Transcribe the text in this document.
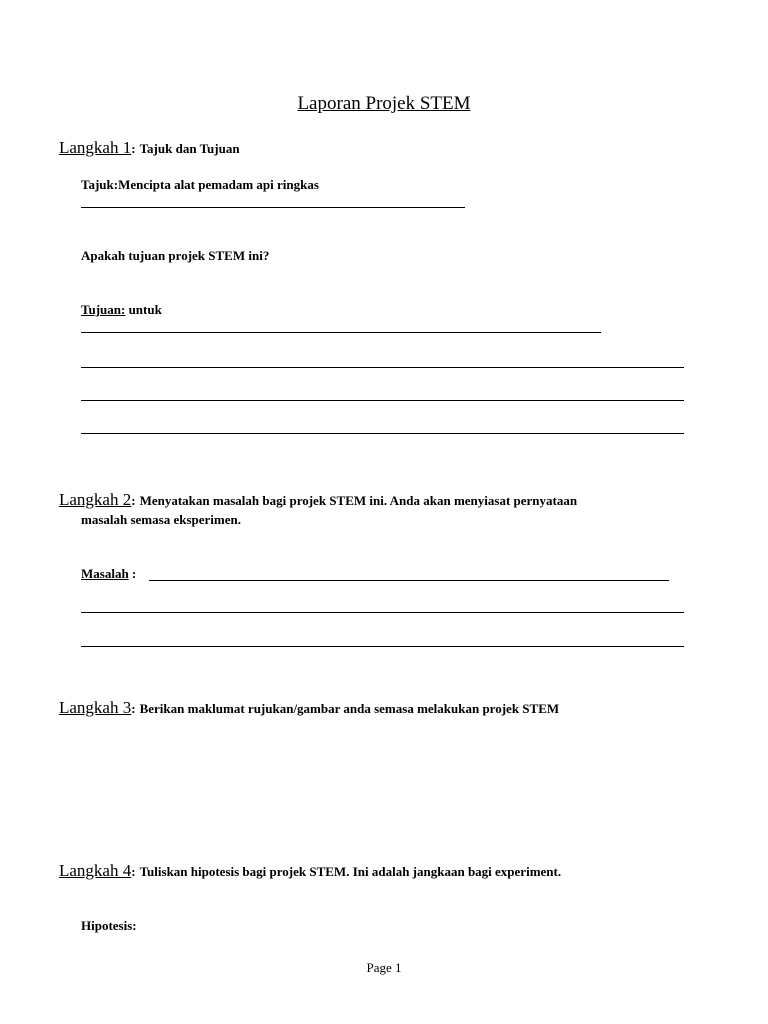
Laporan Projek STEM
Langkah 1: Tajuk dan Tujuan
Tajuk:Mencipta alat pemadam api ringkas
Apakah tujuan projek STEM ini?
Tujuan: untuk
Langkah 2: Menyatakan masalah bagi projek STEM ini. Anda akan menyiasat pernyataan
masalah semasa eksperimen.
Masalah :
Langkah 3: Berikan maklumat rujukan/gambar anda semasa melakukan projek STEM
Langkah 4: Tuliskan hipotesis bagi projek STEM. Ini adalah jangkaan bagi experiment.
Hipotesis:
Page 1
